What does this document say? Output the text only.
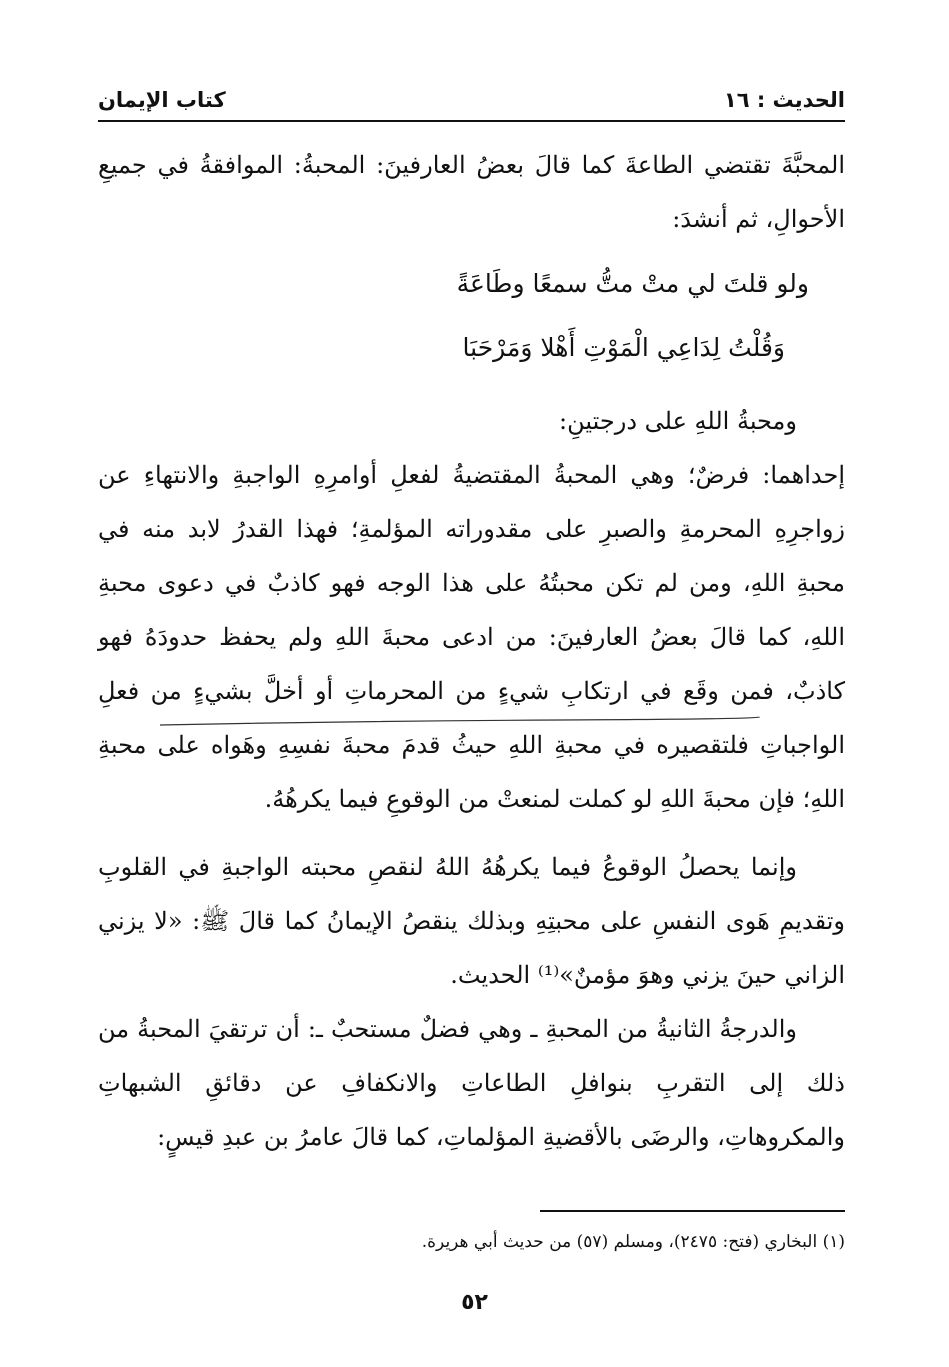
الحديث : ١٦
كتاب الإيمان

المحبَّةَ تقتضي الطاعةَ كما قالَ بعضُ العارفينَ: المحبةُ: الموافقةُ في جميعِ الأحوالِ، ثم أنشدَ:

ولو قلتَ لي متْ متُّ سمعًا وطَاعَةً

وَقُلْتُ لِدَاعِي الْمَوْتِ أَهْلا وَمَرْحَبَا

ومحبةُ اللهِ على درجتينِ:

إحداهما: فرضٌ؛ وهي المحبةُ المقتضيةُ لفعلِ أوامرِهِ الواجبةِ والانتهاءِ عن زواجرِهِ المحرمةِ والصبرِ على مقدوراته المؤلمةِ؛ فهذا القدرُ لابد منه في محبةِ اللهِ، ومن لم تكن محبتُهُ على هذا الوجه فهو كاذبٌ في دعوى محبةِ اللهِ، كما قالَ بعضُ العارفينَ: من ادعى محبةَ اللهِ ولم يحفظ حدودَهُ فهو كاذبٌ، فمن وقَع في ارتكابِ شيءٍ من المحرماتِ أو أخلَّ بشيءٍ من فعلِ الواجباتِ فلتقصيره في محبةِ اللهِ حيثُ قدمَ محبةَ نفسِهِ وهَواه على محبةِ اللهِ؛ فإن محبةَ اللهِ لو كملت لمنعتْ من الوقوعِ فيما يكرهُهُ.

وإنما يحصلُ الوقوعُ فيما يكرهُهُ اللهُ لنقصِ محبته الواجبةِ في القلوبِ وتقديمِ هَوى النفسِ على محبتِهِ وبذلك ينقصُ الإيمانُ كما قالَ ﷺ: «لا يزني الزاني حينَ يزني وهوَ مؤمنٌ»⁽¹⁾ الحديث.

والدرجةُ الثانيةُ من المحبةِ ـ وهي فضلٌ مستحبٌ ـ: أن ترتقيَ المحبةُ من ذلك إلى التقربِ بنوافلِ الطاعاتِ والانكفافِ عن دقائقِ الشبهاتِ والمكروهاتِ، والرضَى بالأقضيةِ المؤلماتِ، كما قالَ عامرُ بن عبدِ قيسٍ:

(١) البخاري (فتح: ٢٤٧٥)، ومسلم (٥٧) من حديث أبي هريرة.
٥٢
